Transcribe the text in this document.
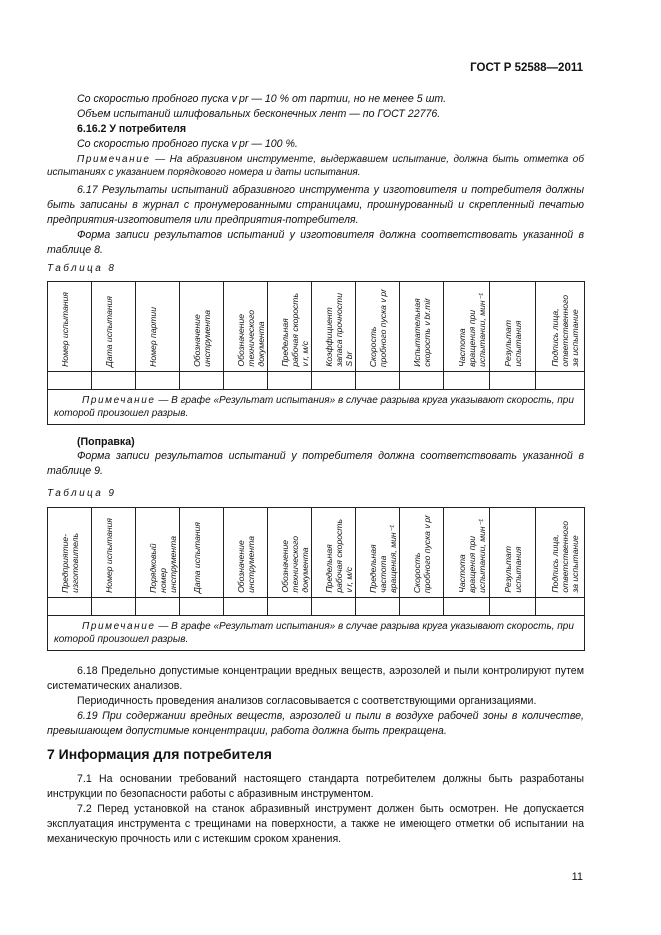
ГОСТ Р 52588—2011
Со скоростью пробного пуска v pr — 10 % от партии, но не менее 5 шт.
Объем испытаний шлифовальных бесконечных лент — по ГОСТ 22776.
6.16.2 У потребителя
Со скоростью пробного пуска v pr — 100 %.
Примечание — На абразивном инструменте, выдержавшем испытание, должна быть отметка об испытаниях с указанием порядкового номера и даты испытания.
6.17 Результаты испытаний абразивного инструмента у изготовителя и потребителя должны быть записаны в журнал с пронумерованными страницами, прошнурованный и скрепленный печатью предприятия-изготовителя или предприятия-потребителя.
Форма записи результатов испытаний у изготовителя должна соответствовать указанной в таблице 8.
Таблица 8
Номер испытания	Дата испытания	Номер партии	Обозначение
инструмента	Обозначение
технического
документа	Предельная
рабочая скорость
v r, м/с	Коэффициент
запаса прочности
S br	Скорость
пробного пуска v pr	Испытательная
скорость v br.mir	Частота
вращения при
испытании, мин⁻¹	Результат
испытания	Подпись лица,
ответственного
за испытание

Примечание — В графе «Результат испытания» в случае разрыва круга указывают скорость, при которой произошел разрыв.											
(Поправка)
Форма записи результатов испытаний у потребителя должна соответствовать указанной в таблице 9.
Таблица 9
Предприятие-
изготовитель	Номер испытания	Порядковый
номер
инструмента	Дата испытания	Обозначение
инструмента	Обозначение
технического
документа	Предельная
рабочая скорость
v r, м/с	Предельная
частота
вращения, мин⁻¹	Скорость
пробного пуска v pr	Частота
вращения при
испытании, мин⁻¹	Результат
испытания	Подпись лица,
ответственного
за испытание

Примечание — В графе «Результат испытания» в случае разрыва круга указывают скорость, при которой произошел разрыв.											
6.18 Предельно допустимые концентрации вредных веществ, аэрозолей и пыли контролируют путем систематических анализов.
Периодичность проведения анализов согласовывается с соответствующими организациями.
6.19 При содержании вредных веществ, аэрозолей и пыли в воздухе рабочей зоны в количестве, превышающем допустимые концентрации, работа должна быть прекращена.
7 Информация для потребителя
7.1 На основании требований настоящего стандарта потребителем должны быть разработаны инструкции по безопасности работы с абразивным инструментом.
7.2 Перед установкой на станок абразивный инструмент должен быть осмотрен. Не допускается эксплуатация инструмента с трещинами на поверхности, а также не имеющего отметки об испытании на механическую прочность или с истекшим сроком хранения.
11
